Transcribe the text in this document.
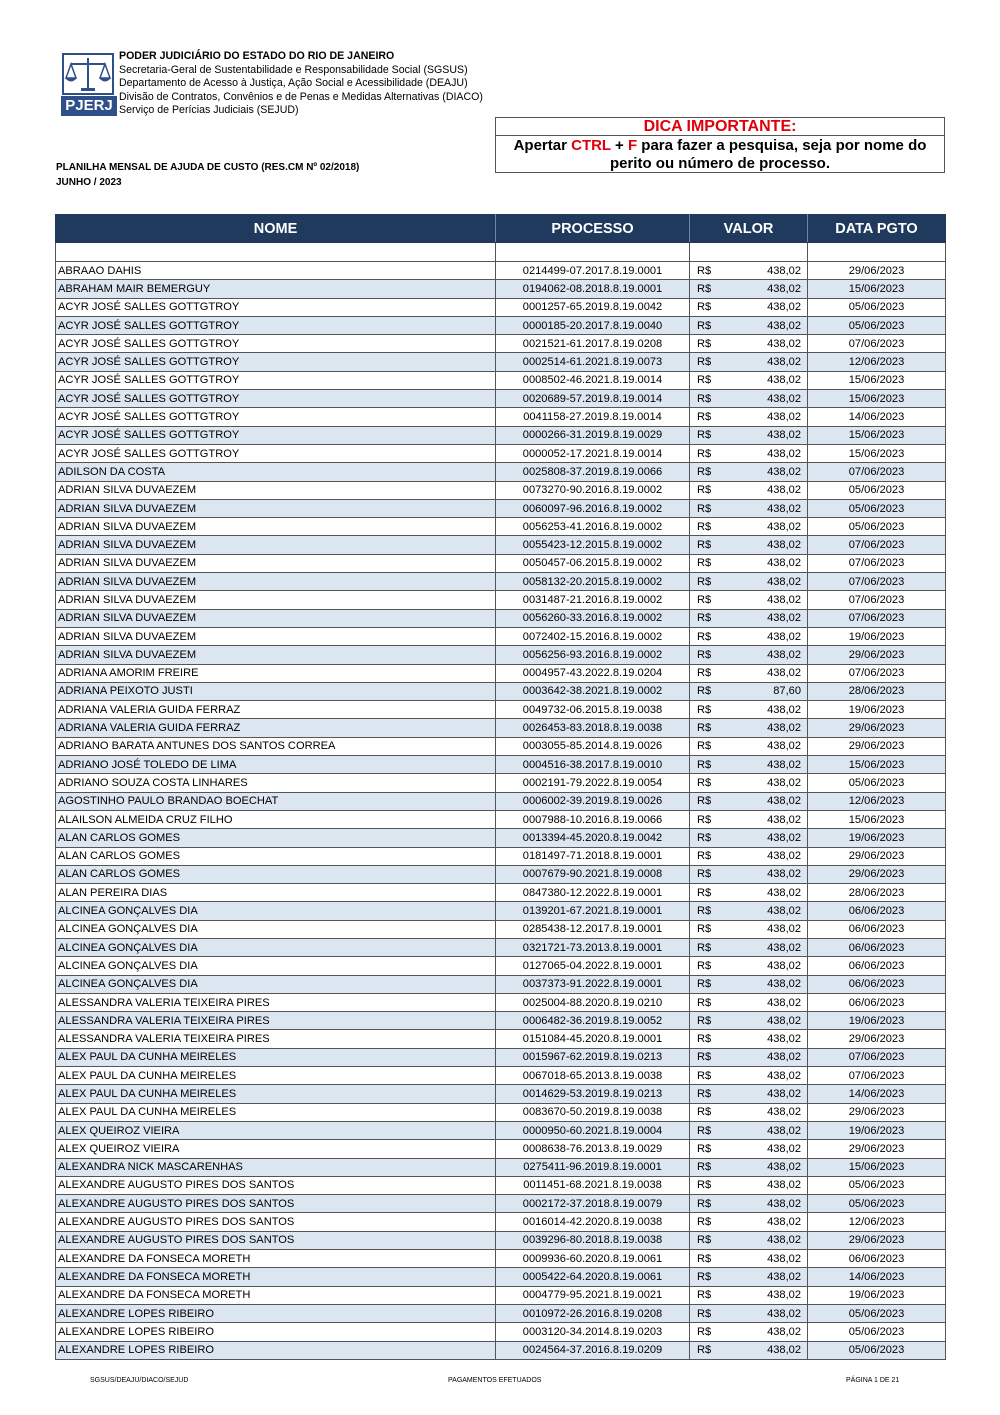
PJERJ
PODER JUDICIÁRIO DO ESTADO DO RIO DE JANEIRO
Secretaria-Geral de Sustentabilidade e Responsabilidade Social (SGSUS)
Departamento de Acesso à Justiça, Ação Social e Acessibilidade (DEAJU)
Divisão de Contratos, Convênios e de Penas e Medidas Alternativas (DIACO)
Serviço de Perícias Judiciais (SEJUD)
DICA IMPORTANTE:
Apertar CTRL + F para fazer a pesquisa, seja por nome do perito ou número de processo.
PLANILHA MENSAL DE AJUDA DE CUSTO (RES.CM Nº 02/2018)
JUNHO / 2023
NOME	PROCESSO	VALOR		DATA PGTO

ABRAAO DAHIS	0214499-07.2017.8.19.0001	R$	438,02	29/06/2023
ABRAHAM MAIR BEMERGUY	0194062-08.2018.8.19.0001	R$	438,02	15/06/2023
ACYR JOSÉ SALLES GOTTGTROY	0001257-65.2019.8.19.0042	R$	438,02	05/06/2023
ACYR JOSÉ SALLES GOTTGTROY	0000185-20.2017.8.19.0040	R$	438,02	05/06/2023
ACYR JOSÉ SALLES GOTTGTROY	0021521-61.2017.8.19.0208	R$	438,02	07/06/2023
ACYR JOSÉ SALLES GOTTGTROY	0002514-61.2021.8.19.0073	R$	438,02	12/06/2023
ACYR JOSÉ SALLES GOTTGTROY	0008502-46.2021.8.19.0014	R$	438,02	15/06/2023
ACYR JOSÉ SALLES GOTTGTROY	0020689-57.2019.8.19.0014	R$	438,02	15/06/2023
ACYR JOSÉ SALLES GOTTGTROY	0041158-27.2019.8.19.0014	R$	438,02	14/06/2023
ACYR JOSÉ SALLES GOTTGTROY	0000266-31.2019.8.19.0029	R$	438,02	15/06/2023
ACYR JOSÉ SALLES GOTTGTROY	0000052-17.2021.8.19.0014	R$	438,02	15/06/2023
ADILSON DA COSTA	0025808-37.2019.8.19.0066	R$	438,02	07/06/2023
ADRIAN SILVA DUVAEZEM	0073270-90.2016.8.19.0002	R$	438,02	05/06/2023
ADRIAN SILVA DUVAEZEM	0060097-96.2016.8.19.0002	R$	438,02	05/06/2023
ADRIAN SILVA DUVAEZEM	0056253-41.2016.8.19.0002	R$	438,02	05/06/2023
ADRIAN SILVA DUVAEZEM	0055423-12.2015.8.19.0002	R$	438,02	07/06/2023
ADRIAN SILVA DUVAEZEM	0050457-06.2015.8.19.0002	R$	438,02	07/06/2023
ADRIAN SILVA DUVAEZEM	0058132-20.2015.8.19.0002	R$	438,02	07/06/2023
ADRIAN SILVA DUVAEZEM	0031487-21.2016.8.19.0002	R$	438,02	07/06/2023
ADRIAN SILVA DUVAEZEM	0056260-33.2016.8.19.0002	R$	438,02	07/06/2023
ADRIAN SILVA DUVAEZEM	0072402-15.2016.8.19.0002	R$	438,02	19/06/2023
ADRIAN SILVA DUVAEZEM	0056256-93.2016.8.19.0002	R$	438,02	29/06/2023
ADRIANA AMORIM FREIRE	0004957-43.2022.8.19.0204	R$	438,02	07/06/2023
ADRIANA PEIXOTO JUSTI	0003642-38.2021.8.19.0002	R$	87,60	28/06/2023
ADRIANA VALERIA GUIDA FERRAZ	0049732-06.2015.8.19.0038	R$	438,02	19/06/2023
ADRIANA VALERIA GUIDA FERRAZ	0026453-83.2018.8.19.0038	R$	438,02	29/06/2023
ADRIANO BARATA ANTUNES DOS SANTOS CORREA	0003055-85.2014.8.19.0026	R$	438,02	29/06/2023
ADRIANO JOSÉ TOLEDO DE LIMA	0004516-38.2017.8.19.0010	R$	438,02	15/06/2023
ADRIANO SOUZA COSTA LINHARES	0002191-79.2022.8.19.0054	R$	438,02	05/06/2023
AGOSTINHO PAULO BRANDAO BOECHAT	0006002-39.2019.8.19.0026	R$	438,02	12/06/2023
ALAILSON ALMEIDA CRUZ FILHO	0007988-10.2016.8.19.0066	R$	438,02	15/06/2023
ALAN CARLOS GOMES	0013394-45.2020.8.19.0042	R$	438,02	19/06/2023
ALAN CARLOS GOMES	0181497-71.2018.8.19.0001	R$	438,02	29/06/2023
ALAN CARLOS GOMES	0007679-90.2021.8.19.0008	R$	438,02	29/06/2023
ALAN PEREIRA DIAS	0847380-12.2022.8.19.0001	R$	438,02	28/06/2023
ALCINEA GONÇALVES DIA	0139201-67.2021.8.19.0001	R$	438,02	06/06/2023
ALCINEA GONÇALVES DIA	0285438-12.2017.8.19.0001	R$	438,02	06/06/2023
ALCINEA GONÇALVES DIA	0321721-73.2013.8.19.0001	R$	438,02	06/06/2023
ALCINEA GONÇALVES DIA	0127065-04.2022.8.19.0001	R$	438,02	06/06/2023
ALCINEA GONÇALVES DIA	0037373-91.2022.8.19.0001	R$	438,02	06/06/2023
ALESSANDRA VALERIA TEIXEIRA PIRES	0025004-88.2020.8.19.0210	R$	438,02	06/06/2023
ALESSANDRA VALERIA TEIXEIRA PIRES	0006482-36.2019.8.19.0052	R$	438,02	19/06/2023
ALESSANDRA VALERIA TEIXEIRA PIRES	0151084-45.2020.8.19.0001	R$	438,02	29/06/2023
ALEX PAUL DA CUNHA MEIRELES	0015967-62.2019.8.19.0213	R$	438,02	07/06/2023
ALEX PAUL DA CUNHA MEIRELES	0067018-65.2013.8.19.0038	R$	438,02	07/06/2023
ALEX PAUL DA CUNHA MEIRELES	0014629-53.2019.8.19.0213	R$	438,02	14/06/2023
ALEX PAUL DA CUNHA MEIRELES	0083670-50.2019.8.19.0038	R$	438,02	29/06/2023
ALEX QUEIROZ VIEIRA	0000950-60.2021.8.19.0004	R$	438,02	19/06/2023
ALEX QUEIROZ VIEIRA	0008638-76.2013.8.19.0029	R$	438,02	29/06/2023
ALEXANDRA NICK MASCARENHAS	0275411-96.2019.8.19.0001	R$	438,02	15/06/2023
ALEXANDRE AUGUSTO PIRES DOS SANTOS	0011451-68.2021.8.19.0038	R$	438,02	05/06/2023
ALEXANDRE AUGUSTO PIRES DOS SANTOS	0002172-37.2018.8.19.0079	R$	438,02	05/06/2023
ALEXANDRE AUGUSTO PIRES DOS SANTOS	0016014-42.2020.8.19.0038	R$	438,02	12/06/2023
ALEXANDRE AUGUSTO PIRES DOS SANTOS	0039296-80.2018.8.19.0038	R$	438,02	29/06/2023
ALEXANDRE DA FONSECA MORETH	0009936-60.2020.8.19.0061	R$	438,02	06/06/2023
ALEXANDRE DA FONSECA MORETH	0005422-64.2020.8.19.0061	R$	438,02	14/06/2023
ALEXANDRE DA FONSECA MORETH	0004779-95.2021.8.19.0021	R$	438,02	19/06/2023
ALEXANDRE LOPES RIBEIRO	0010972-26.2016.8.19.0208	R$	438,02	05/06/2023
ALEXANDRE LOPES RIBEIRO	0003120-34.2014.8.19.0203	R$	438,02	05/06/2023
ALEXANDRE LOPES RIBEIRO	0024564-37.2016.8.19.0209	R$	438,02	05/06/2023
SGSUS/DEAJU/DIACO/SEJUD	PAGAMENTOS EFETUADOS	PÁGINA 1 DE 21
